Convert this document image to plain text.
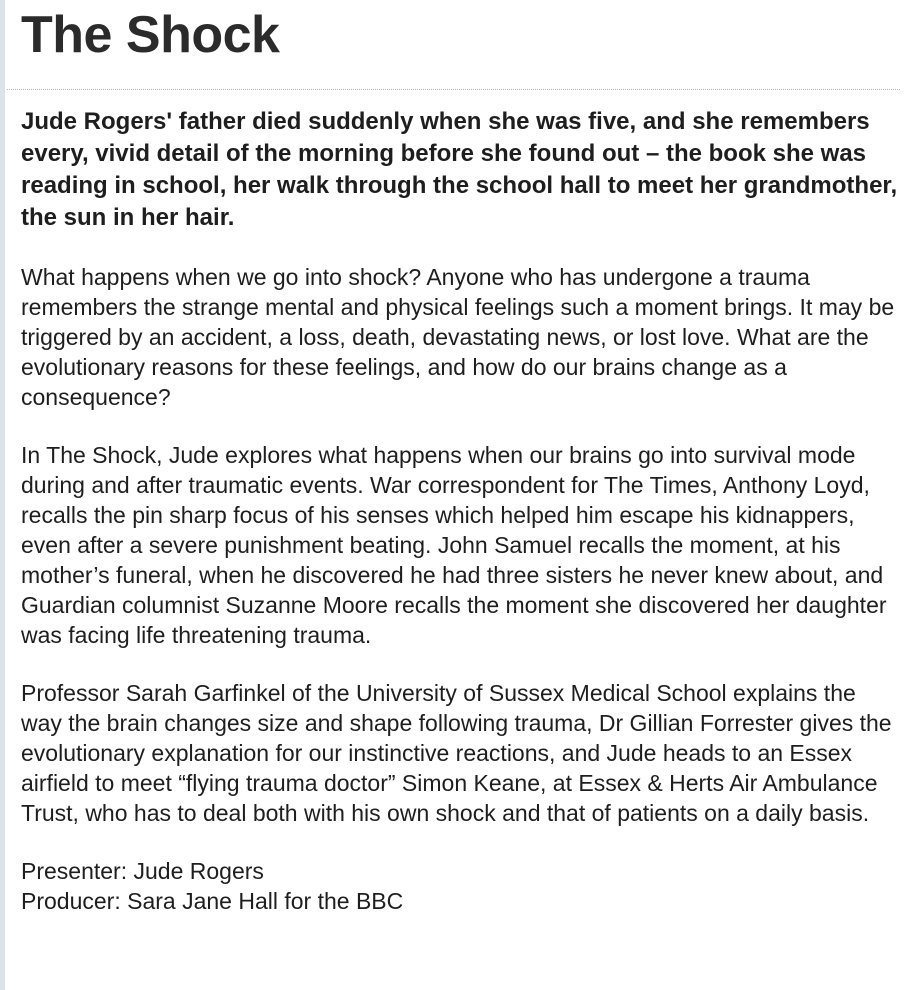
The Shock

Jude Rogers' father died suddenly when she was five, and she remembers every, vivid detail of the morning before she found out – the book she was reading in school, her walk through the school hall to meet her grandmother, the sun in her hair.

What happens when we go into shock? Anyone who has undergone a trauma remembers the strange mental and physical feelings such a moment brings. It may be triggered by an accident, a loss, death, devastating news, or lost love. What are the evolutionary reasons for these feelings, and how do our brains change as a consequence?

In The Shock, Jude explores what happens when our brains go into survival mode during and after traumatic events. War correspondent for The Times, Anthony Loyd, recalls the pin sharp focus of his senses which helped him escape his kidnappers, even after a severe punishment beating. John Samuel recalls the moment, at his mother’s funeral, when he discovered he had three sisters he never knew about, and Guardian columnist Suzanne Moore recalls the moment she discovered her daughter was facing life threatening trauma.

Professor Sarah Garfinkel of the University of Sussex Medical School explains the way the brain changes size and shape following trauma, Dr Gillian Forrester gives the evolutionary explanation for our instinctive reactions, and Jude heads to an Essex airfield to meet “flying trauma doctor” Simon Keane, at Essex & Herts Air Ambulance Trust, who has to deal both with his own shock and that of patients on a daily basis.

Presenter: Jude Rogers
Producer: Sara Jane Hall for the BBC
